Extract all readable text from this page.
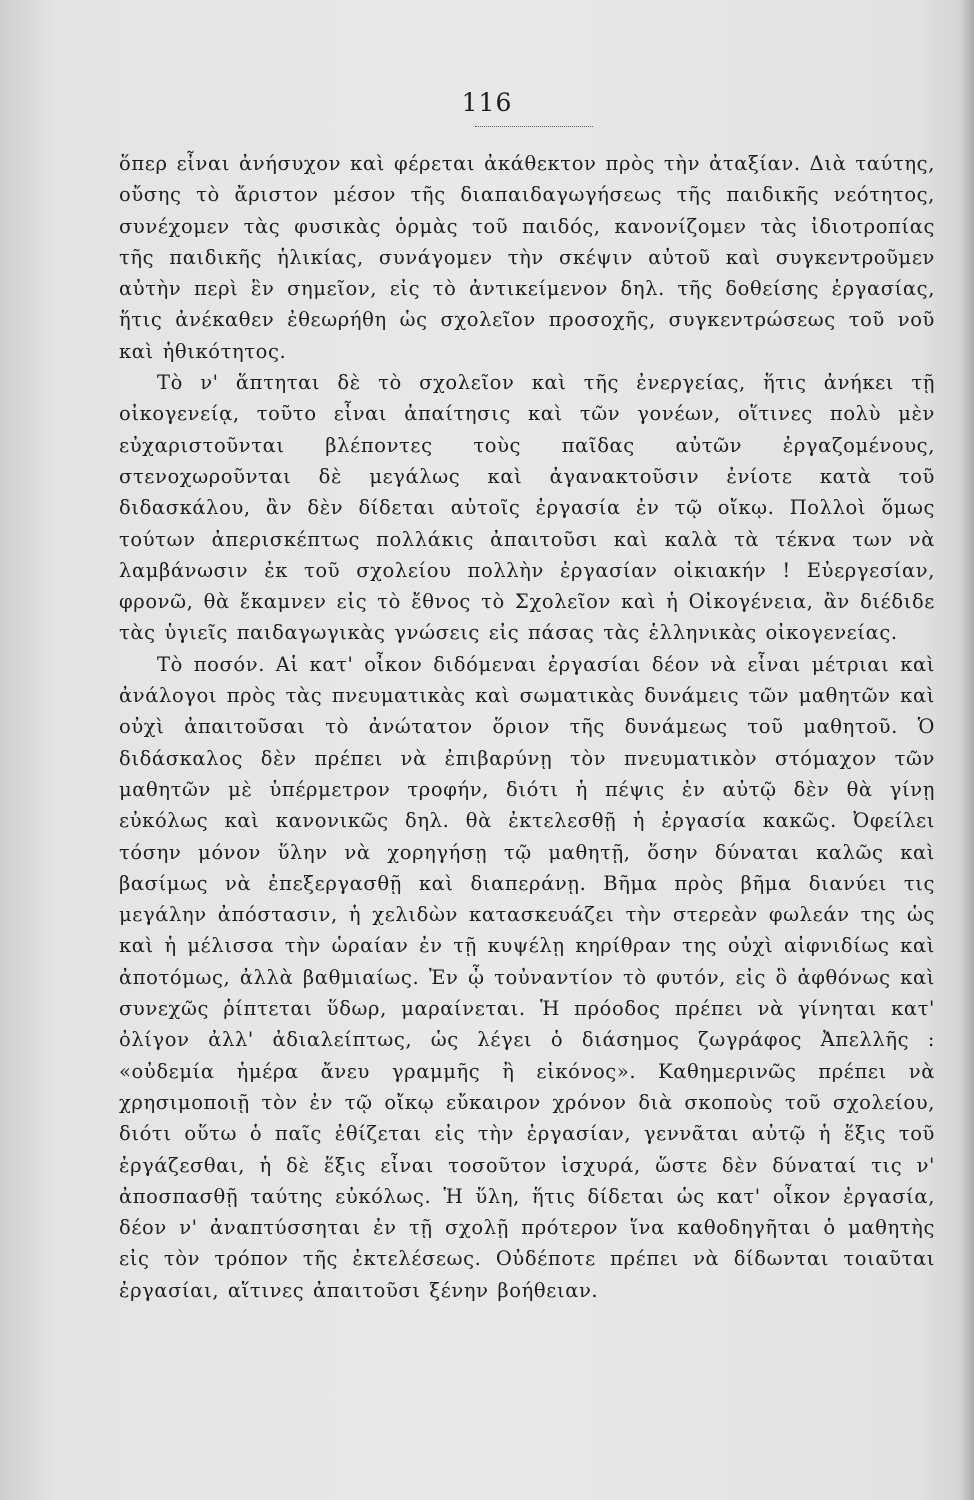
116

ὅπερ εἶναι ἀνήσυχον καὶ φέρεται ἀκάθεκτον πρὸς τὴν ἀταξίαν. Διὰ ταύτης, οὔσης τὸ ἄριστον μέσον τῆς διαπαιδαγωγήσεως τῆς παιδικῆς νεότητος, συνέχομεν τὰς φυσικὰς ὁρμὰς τοῦ παιδός, κανονίζομεν τὰς ἰδιοτροπίας τῆς παιδικῆς ἡλικίας, συνάγομεν τὴν σκέψιν αὐτοῦ καὶ συγκεντροῦμεν αὐτὴν περὶ ἓν σημεῖον, εἰς τὸ ἀντικείμενον δηλ. τῆς δοθείσης ἐργασίας, ἥτις ἀνέκαθεν ἐθεωρήθη ὡς σχολεῖον προσοχῆς, συγκεντρώσεως τοῦ νοῦ καὶ ἠθικότητος.

Τὸ ν' ἅπτηται δὲ τὸ σχολεῖον καὶ τῆς ἐνεργείας, ἥτις ἀνήκει τῇ οἰκογενείᾳ, τοῦτο εἶναι ἀπαίτησις καὶ τῶν γονέων, οἵτινες πολὺ μὲν εὐχαριστοῦνται βλέποντες τοὺς παῖδας αὐτῶν ἐργαζομένους, στενοχωροῦνται δὲ μεγάλως καὶ ἀγανακτοῦσιν ἐνίοτε κατὰ τοῦ διδασκάλου, ἂν δὲν δίδεται αὐτοῖς ἐργασία ἐν τῷ οἴκῳ. Πολλοὶ ὅμως τούτων ἀπερισκέπτως πολλάκις ἀπαιτοῦσι καὶ καλὰ τὰ τέκνα των νὰ λαμβάνωσιν ἐκ τοῦ σχολείου πολλὴν ἐργασίαν οἰκιακήν ! Εὐεργεσίαν, φρονῶ, θὰ ἔκαμνεν εἰς τὸ ἔθνος τὸ Σχολεῖον καὶ ἡ Οἰκογένεια, ἂν διέδιδε τὰς ὑγιεῖς παιδαγωγικὰς γνώσεις εἰς πάσας τὰς ἑλληνικὰς οἰκογενείας.

Τὸ ποσόν. Αἱ κατ' οἶκον διδόμεναι ἐργασίαι δέον νὰ εἶναι μέτριαι καὶ ἀνάλογοι πρὸς τὰς πνευματικὰς καὶ σωματικὰς δυνάμεις τῶν μαθητῶν καὶ οὐχὶ ἀπαιτοῦσαι τὸ ἀνώτατον ὅριον τῆς δυνάμεως τοῦ μαθητοῦ. Ὁ διδάσκαλος δὲν πρέπει νὰ ἐπιβαρύνῃ τὸν πνευματικὸν στόμαχον τῶν μαθητῶν μὲ ὑπέρμετρον τροφήν, διότι ἡ πέψις ἐν αὐτῷ δὲν θὰ γίνῃ εὐκόλως καὶ κανονικῶς δηλ. θὰ ἐκτελεσθῇ ἡ ἐργασία κακῶς. Ὀφείλει τόσην μόνον ὕλην νὰ χορηγήσῃ τῷ μαθητῇ, ὅσην δύναται καλῶς καὶ βασίμως νὰ ἐπεξεργασθῇ καὶ διαπεράνῃ. Βῆμα πρὸς βῆμα διανύει τις μεγάλην ἀπόστασιν, ἡ χελιδὼν κατασκευάζει τὴν στερεὰν φωλεάν της ὡς καὶ ἡ μέλισσα τὴν ὡραίαν ἐν τῇ κυψέλῃ κηρίθραν της οὐχὶ αἰφνιδίως καὶ ἀποτόμως, ἀλλὰ βαθμιαίως. Ἐν ᾧ τοὐναντίον τὸ φυτόν, εἰς ὃ ἀφθόνως καὶ συνεχῶς ῥίπτεται ὕδωρ, μαραίνεται. Ἡ πρόοδος πρέπει νὰ γίνηται κατ' ὀλίγον ἀλλ' ἀδιαλείπτως, ὡς λέγει ὁ διάσημος ζωγράφος Ἀπελλῆς : «οὐδεμία ἡμέρα ἄνευ γραμμῆς ἢ εἰκόνος». Καθημερινῶς πρέπει νὰ χρησιμοποιῇ τὸν ἐν τῷ οἴκῳ εὔκαιρον χρόνον διὰ σκοποὺς τοῦ σχολείου, διότι οὕτω ὁ παῖς ἐθίζεται εἰς τὴν ἐργασίαν, γεννᾶται αὐτῷ ἡ ἕξις τοῦ ἐργάζεσθαι, ἡ δὲ ἕξις εἶναι τοσοῦτον ἰσχυρά, ὥστε δὲν δύναταί τις ν' ἀποσπασθῇ ταύτης εὐκόλως. Ἡ ὕλη, ἥτις δίδεται ὡς κατ' οἶκον ἐργασία, δέον ν' ἀναπτύσσηται ἐν τῇ σχολῇ πρότερον ἵνα καθοδηγῆται ὁ μαθητὴς εἰς τὸν τρόπον τῆς ἐκτελέσεως. Οὐδέποτε πρέπει νὰ δίδωνται τοιαῦται ἐργασίαι, αἵτινες ἀπαιτοῦσι ξένην βοήθειαν.
